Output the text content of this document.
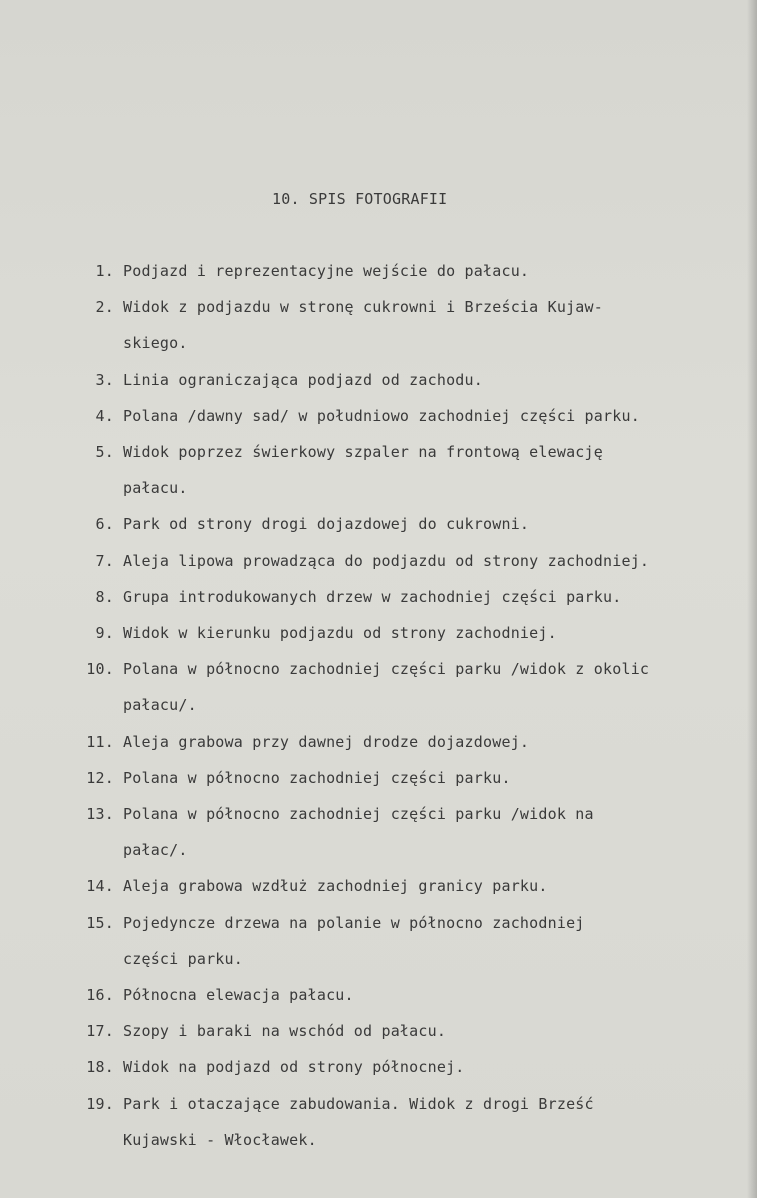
10. SPIS FOTOGRAFII
1. Podjazd i reprezentacyjne wejście do pałacu.
2. Widok z podjazdu w stronę cukrowni i Brześcia Kujaw-
skiego.
3. Linia ograniczająca podjazd od zachodu.
4. Polana /dawny sad/ w południowo zachodniej części parku.
5. Widok poprzez świerkowy szpaler na frontową elewację
pałacu.
6. Park od strony drogi dojazdowej do cukrowni.
7. Aleja lipowa prowadząca do podjazdu od strony zachodniej.
8. Grupa introdukowanych drzew w zachodniej części parku.
9. Widok w kierunku podjazdu od strony zachodniej.
10. Polana w północno zachodniej części parku /widok z okolic
pałacu/.
11. Aleja grabowa przy dawnej drodze dojazdowej.
12. Polana w północno zachodniej części parku.
13. Polana w północno zachodniej części parku /widok na
pałac/.
14. Aleja grabowa wzdłuż zachodniej granicy parku.
15. Pojedyncze drzewa na polanie w północno zachodniej
części parku.
16. Północna elewacja pałacu.
17. Szopy i baraki na wschód od pałacu.
18. Widok na podjazd od strony północnej.
19. Park i otaczające zabudowania. Widok z drogi Brześć
Kujawski - Włocławek.
